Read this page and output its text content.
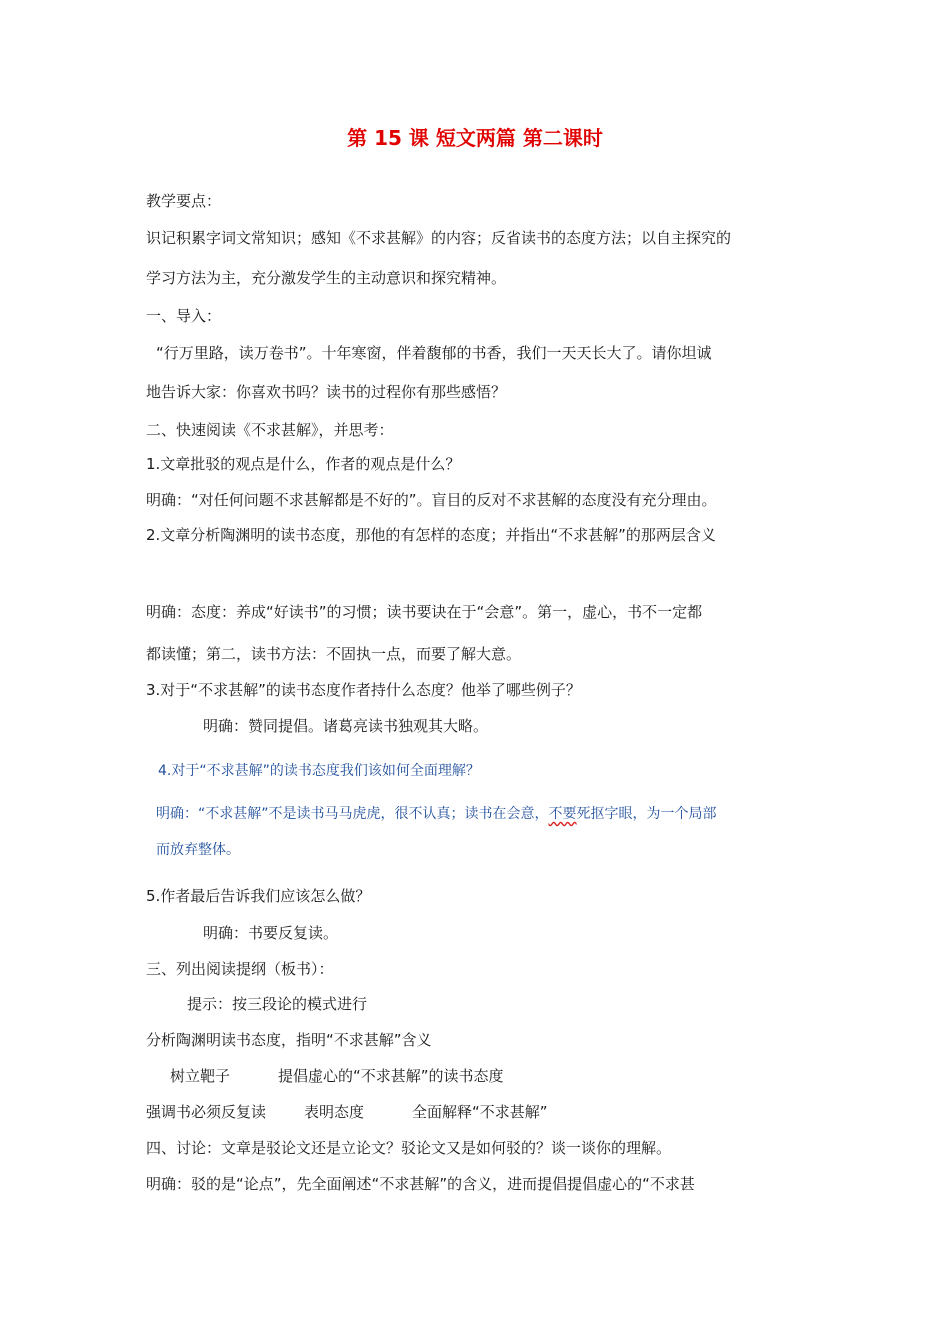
第 15 课 短文两篇 第二课时
教学要点：
识记积累字词文常知识；感知《不求甚解》的内容；反省读书的态度方法；以自主探究的
学习方法为主，充分激发学生的主动意识和探究精神。
一、导入：
“行万里路，读万卷书”。十年寒窗，伴着馥郁的书香，我们一天天长大了。请你坦诚
地告诉大家：你喜欢书吗？读书的过程你有那些感悟？
二、快速阅读《不求甚解》，并思考：
1.文章批驳的观点是什么，作者的观点是什么？
明确：“对任何问题不求甚解都是不好的”。盲目的反对不求甚解的态度没有充分理由。
2.文章分析陶渊明的读书态度，那他的有怎样的态度；并指出“不求甚解”的那两层含义
明确：态度：养成“好读书”的习惯；读书要诀在于“会意”。第一，虚心，书不一定都
都读懂；第二，读书方法：不固执一点，而要了解大意。
3.对于“不求甚解”的读书态度作者持什么态度？他举了哪些例子？
明确：赞同提倡。诸葛亮读书独观其大略。
4.对于“不求甚解”的读书态度我们该如何全面理解？
明确：“不求甚解”不是读书马马虎虎，很不认真；读书在会意， 不要 死抠字眼，为一个局部
而放弃整体。
5.作者最后告诉我们应该怎么做？
明确：书要反复读。
三、列出阅读提纲（板书）：
提示：按三段论的模式进行
分析陶渊明读书态度，指明“不求甚解”含义
树立靶子	提倡虚心的“不求甚解”的读书态度
强调书必须反复读	表明态度	全面解释“不求甚解”
四、讨论：文章是驳论文还是立论文？驳论文又是如何驳的？谈一谈你的理解。
明确：驳的是“论点”，先全面阐述“不求甚解”的含义，进而提倡提倡虚心的“不求甚
